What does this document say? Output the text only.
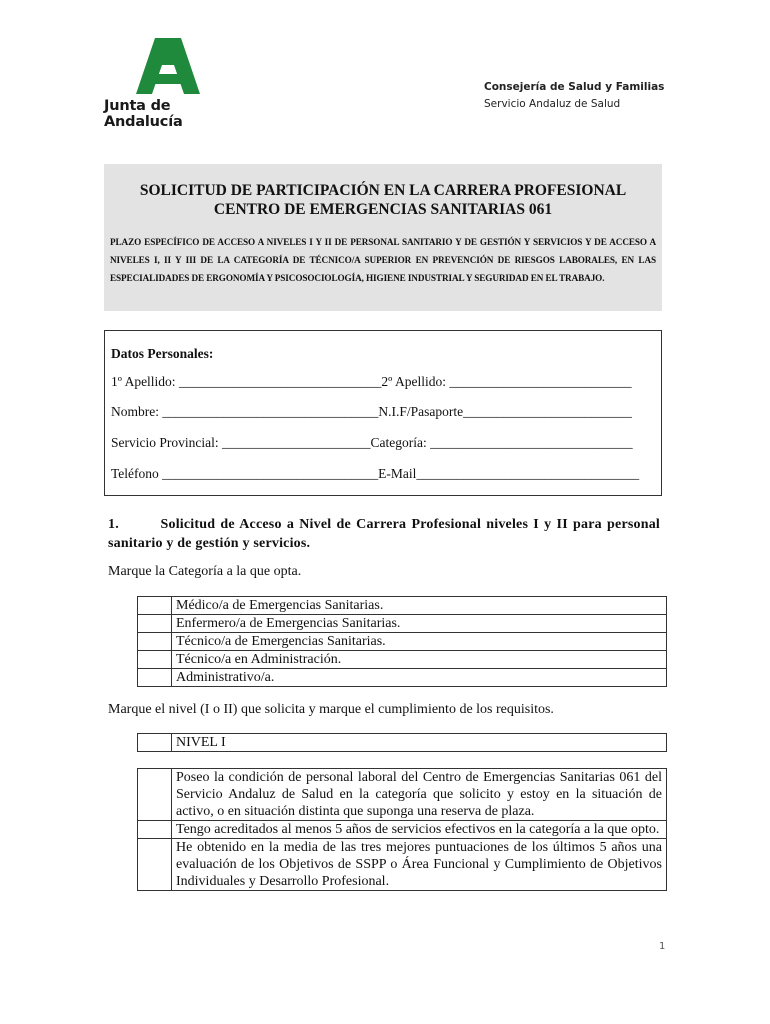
Junta de Andalucía
Consejería de Salud y Familias
Servicio Andaluz de Salud
SOLICITUD DE PARTICIPACIÓN EN LA CARRERA PROFESIONAL
CENTRO DE EMERGENCIAS SANITARIAS 061
PLAZO ESPECÍFICO DE ACCESO A NIVELES I Y II DE PERSONAL SANITARIO Y DE GESTIÓN Y SERVICIOS Y DE ACCESO A NIVELES I, II Y III DE LA CATEGORÍA DE TÉCNICO/A SUPERIOR EN PREVENCIÓN DE RIESGOS LABORALES, EN LAS ESPECIALIDADES DE ERGONOMÍA Y PSICOSOCIOLOGÍA, HIGIENE INDUSTRIAL Y SEGURIDAD EN EL TRABAJO.
Datos Personales:
1º Apellido: ______________________________2º Apellido: ___________________________
Nombre: ________________________________N.I.F/Pasaporte_________________________
Servicio Provincial: ______________________Categoría: ______________________________
Teléfono ________________________________E-Mail_________________________________
1.        Solicitud de Acceso a Nivel de Carrera Profesional niveles I y II para personal sanitario y de gestión y servicios.
Marque la Categoría a la que opta.
	Médico/a de Emergencias Sanitarias.
	Enfermero/a de Emergencias Sanitarias.
	Técnico/a de Emergencias Sanitarias.
	Técnico/a en Administración.
	Administrativo/a.
Marque el nivel (I o II) que solicita y marque el cumplimiento de los requisitos.
	NIVEL I
	Poseo la condición de personal laboral del Centro de Emergencias Sanitarias 061 del Servicio Andaluz de Salud en la categoría que solicito y estoy en la situación de activo, o en situación distinta que suponga una reserva de plaza.
	Tengo acreditados al menos 5 años de servicios efectivos en la categoría a la que opto.
	He obtenido en la media de las tres mejores puntuaciones de los últimos 5 años una evaluación de los Objetivos de SSPP o Área Funcional y Cumplimiento de Objetivos Individuales y Desarrollo Profesional.
1
